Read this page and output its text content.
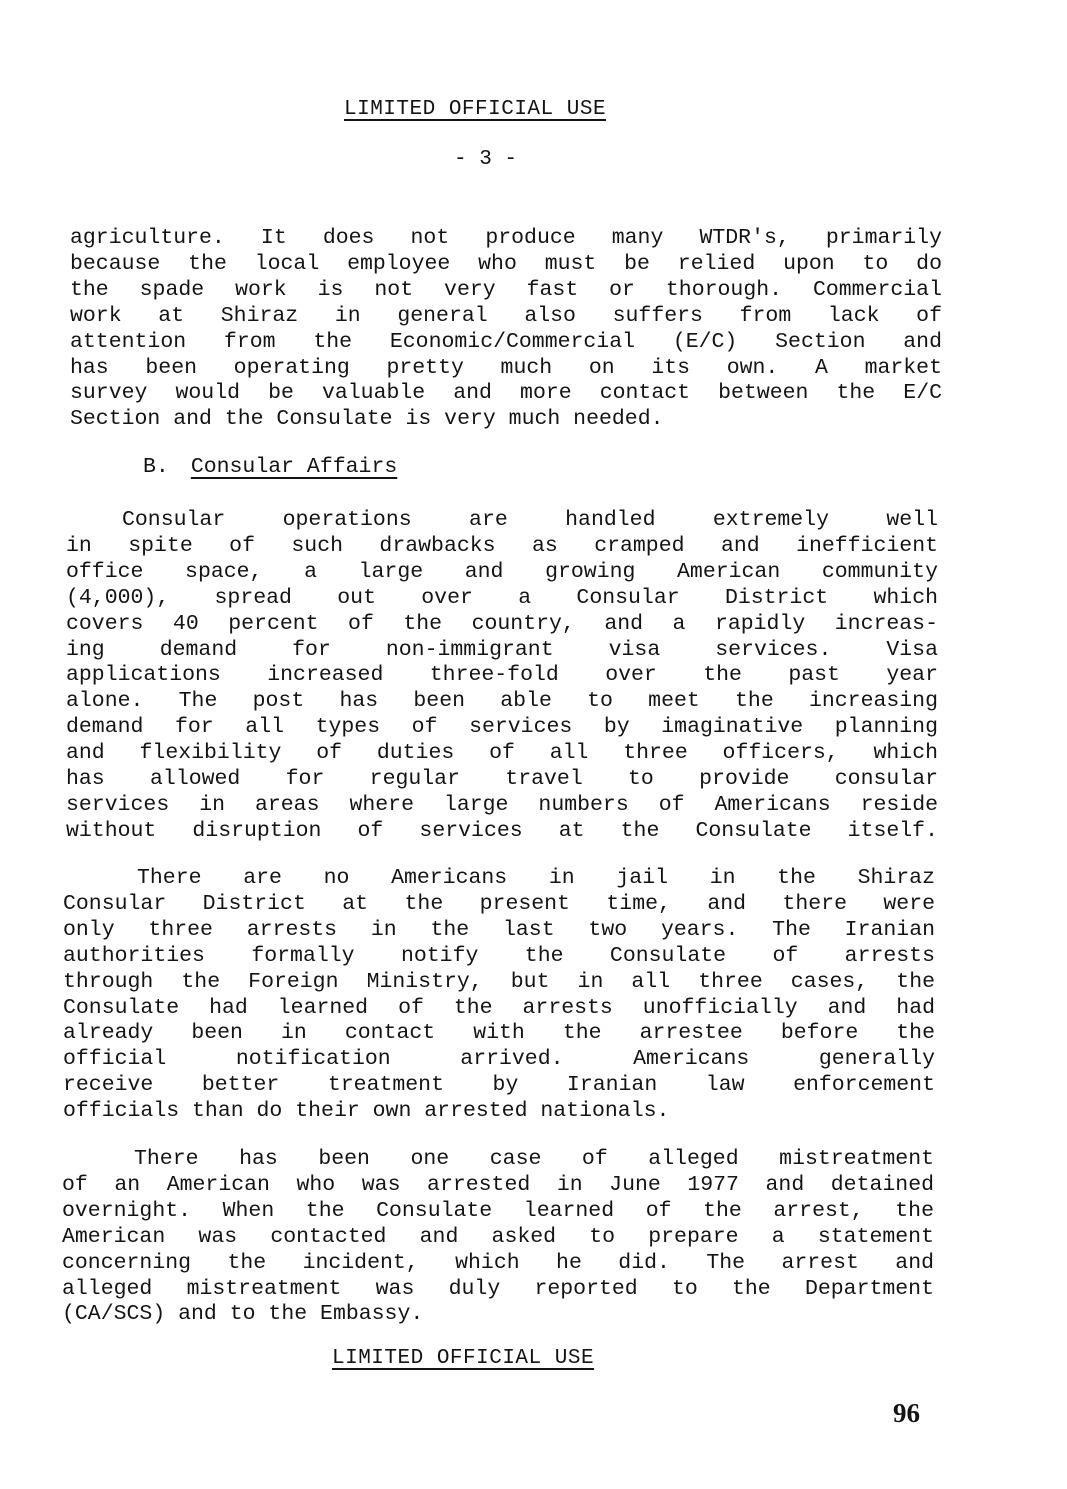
LIMITED OFFICIAL USE
- 3 -
agriculture. It does not produce many WTDR's, primarily
because the local employee who must be relied upon to do
the spade work is not very fast or thorough. Commercial
work at Shiraz in general also suffers from lack of
attention from the Economic/Commercial (E/C) Section and
has been operating pretty much on its own. A market
survey would be valuable and more contact between the E/C
Section and the Consulate is very much needed.
B. Consular Affairs
Consular operations are handled extremely well
in spite of such drawbacks as cramped and inefficient
office space, a large and growing American community
(4,000), spread out over a Consular District which
covers 40 percent of the country, and a rapidly increas-
ing demand for non-immigrant visa services. Visa
applications increased three-fold over the past year
alone. The post has been able to meet the increasing
demand for all types of services by imaginative planning
and flexibility of duties of all three officers, which
has allowed for regular travel to provide consular
services in areas where large numbers of Americans reside
without disruption of services at the Consulate itself.
There are no Americans in jail in the Shiraz
Consular District at the present time, and there were
only three arrests in the last two years. The Iranian
authorities formally notify the Consulate of arrests
through the Foreign Ministry, but in all three cases, the
Consulate had learned of the arrests unofficially and had
already been in contact with the arrestee before the
official notification arrived. Americans generally
receive better treatment by Iranian law enforcement
officials than do their own arrested nationals.
There has been one case of alleged mistreatment
of an American who was arrested in June 1977 and detained
overnight. When the Consulate learned of the arrest, the
American was contacted and asked to prepare a statement
concerning the incident, which he did. The arrest and
alleged mistreatment was duly reported to the Department
(CA/SCS) and to the Embassy.
LIMITED OFFICIAL USE
96
